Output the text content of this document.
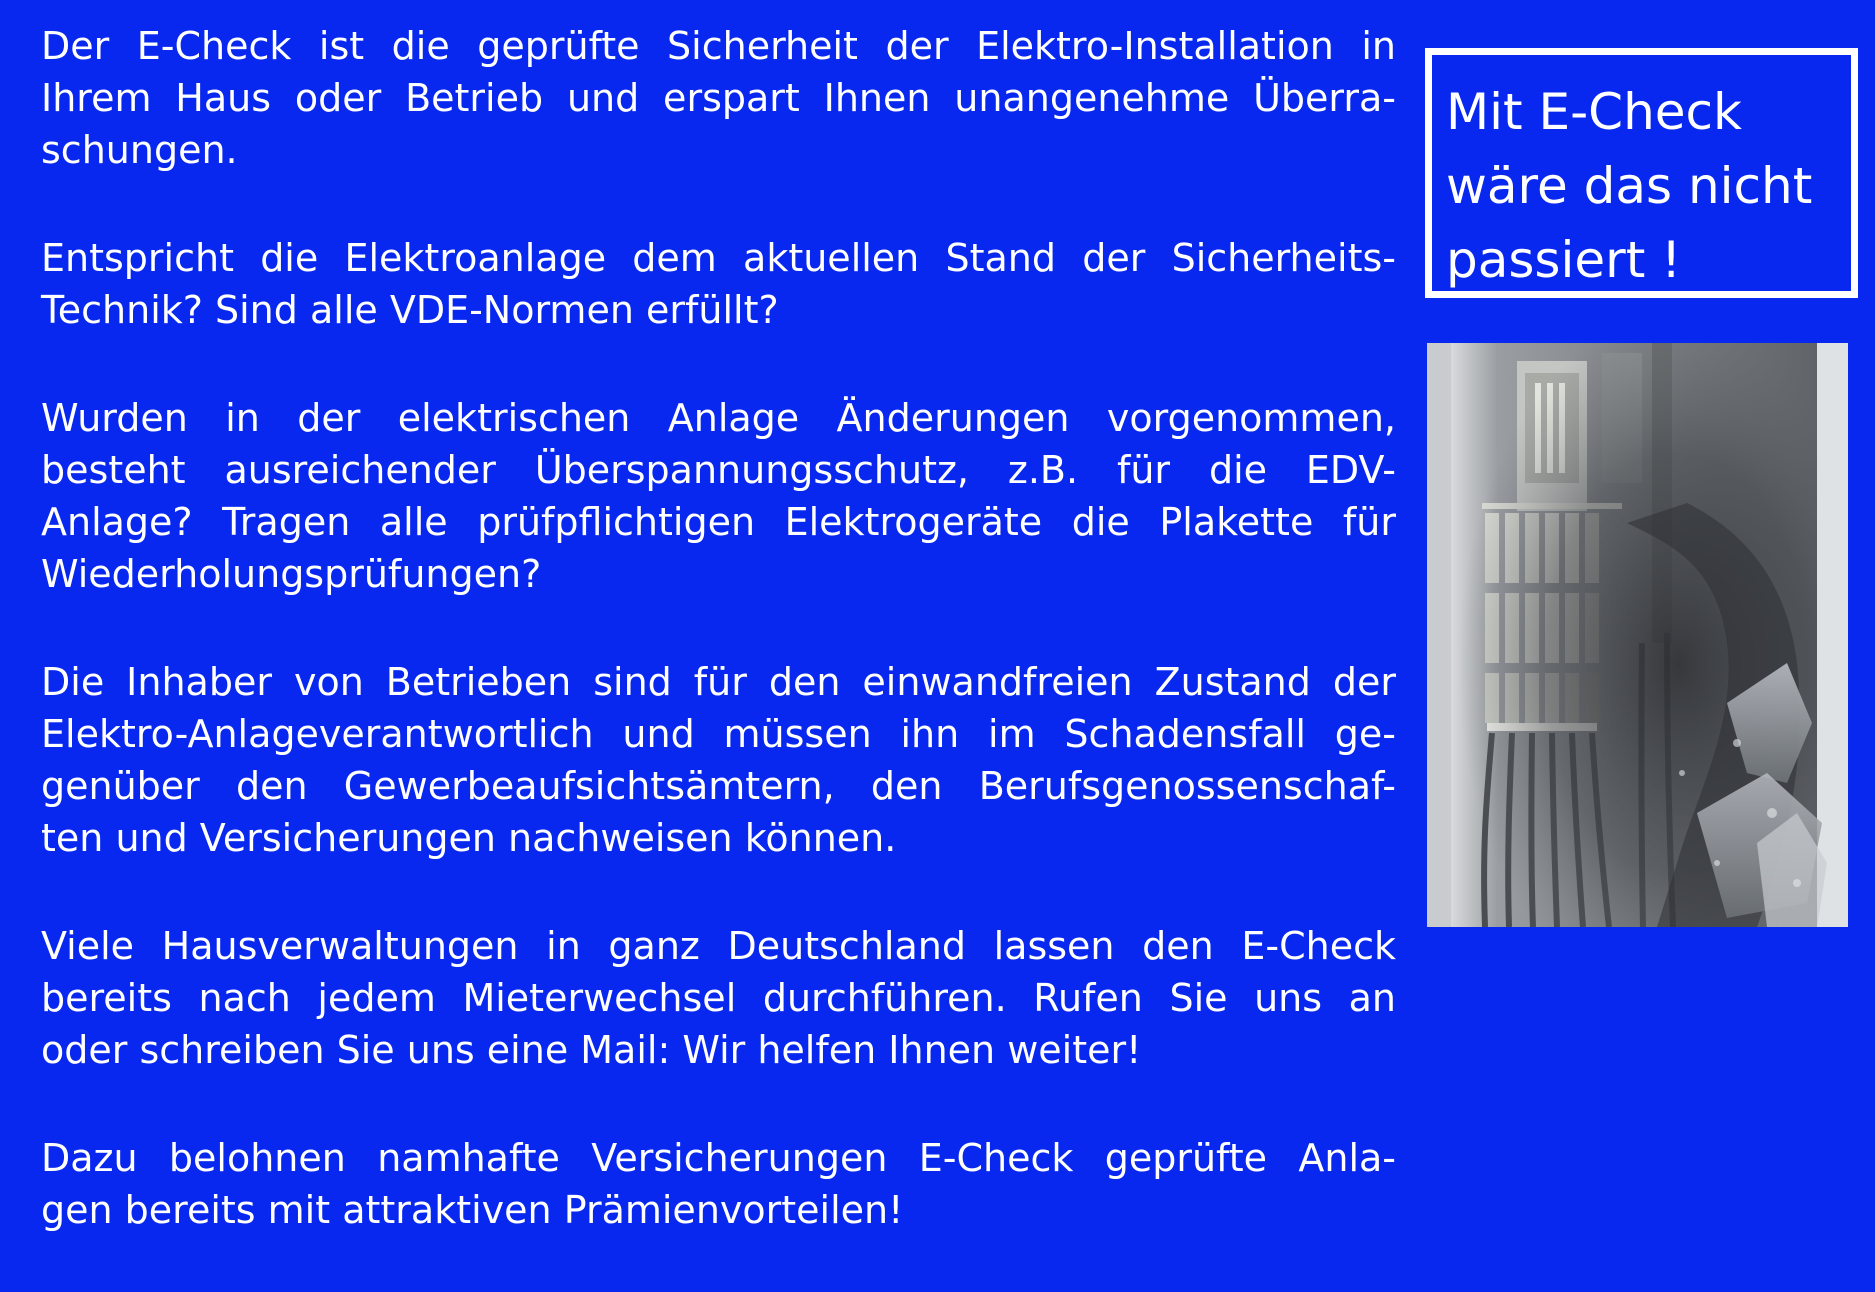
Der E-Check ist die geprüfte Sicherheit der Elektro-Installation in
Ihrem Haus oder Betrieb und erspart Ihnen unangenehme Überra-
schungen.

Entspricht die Elektroanlage dem aktuellen Stand der Sicherheits-
Technik? Sind alle VDE-Normen erfüllt?

Wurden in der elektrischen Anlage Änderungen vorgenommen,
besteht ausreichender Überspannungsschutz, z.B. für die EDV-
Anlage? Tragen alle prüfpflichtigen Elektrogeräte die Plakette für
Wiederholungsprüfungen?

Die Inhaber von Betrieben sind für den einwandfreien Zustand der
Elektro-Anlageverantwortlich und müssen ihn im Schadensfall ge-
genüber den Gewerbeaufsichtsämtern, den Berufsgenossenschaf-
ten und Versicherungen nachweisen können.

Viele Hausverwaltungen in ganz Deutschland lassen den E-Check
bereits nach jedem Mieterwechsel durchführen. Rufen Sie uns an
oder schreiben Sie uns eine Mail: Wir helfen Ihnen weiter!

Dazu belohnen namhafte Versicherungen E-Check geprüfte Anla-
gen bereits mit attraktiven Prämienvorteilen!

Mit E-Check
wäre das nicht
passiert !
